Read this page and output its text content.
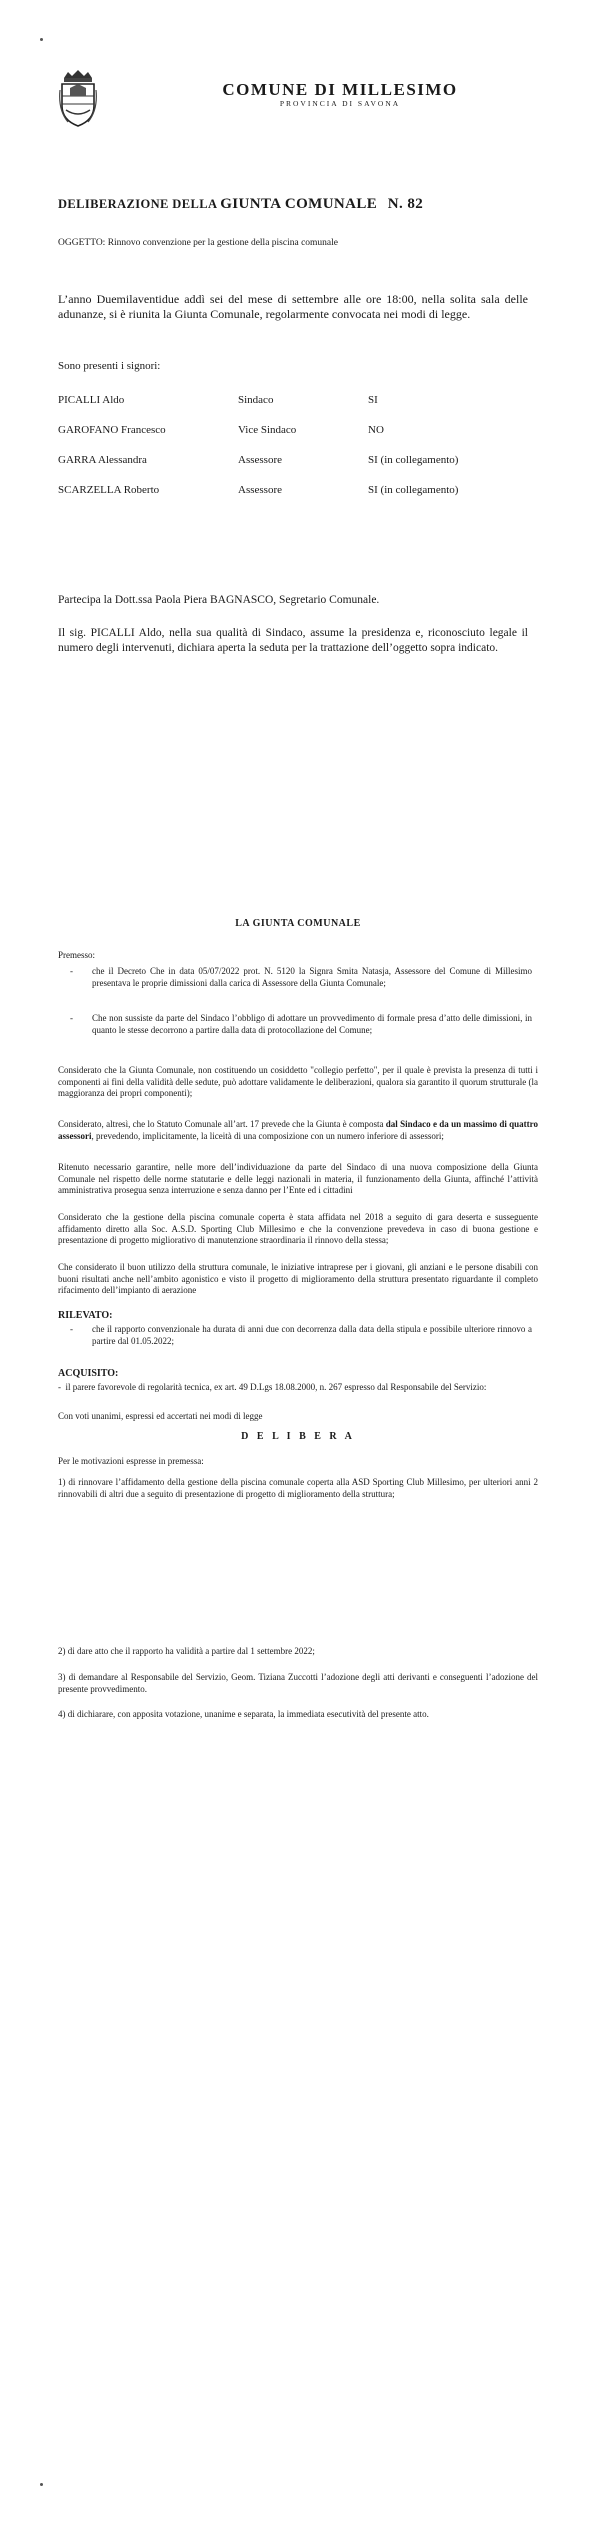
COMUNE DI MILLESIMO
PROVINCIA DI SAVONA
DELIBERAZIONE DELLA GIUNTA COMUNALE N. 82
OGGETTO: Rinnovo convenzione per la gestione della piscina comunale
L’anno Duemilaventidue addì sei del mese di settembre alle ore 18:00, nella solita sala delle adunanze, si è riunita la Giunta Comunale, regolarmente convocata nei modi di legge.
Sono presenti i signori:
PICALLI Aldo	Sindaco	SI
GAROFANO Francesco	Vice Sindaco	NO
GARRA Alessandra	Assessore	SI (in collegamento)
SCARZELLA Roberto	Assessore	SI (in collegamento)
Partecipa la Dott.ssa Paola Piera BAGNASCO, Segretario Comunale.
Il sig. PICALLI Aldo, nella sua qualità di Sindaco, assume la presidenza e, riconosciuto legale il numero degli intervenuti, dichiara aperta la seduta per la trattazione dell’oggetto sopra indicato.
LA GIUNTA COMUNALE
Premesso:
- che il Decreto Che in data 05/07/2022 prot. N. 5120 la Signra Smita Natasja, Assessore del Comune di Millesimo presentava le proprie dimissioni dalla carica di Assessore della Giunta Comunale;
- Che non sussiste da parte del Sindaco l’obbligo di adottare un provvedimento di formale presa d’atto delle dimissioni, in quanto le stesse decorrono a partire dalla data di protocollazione del Comune;
Considerato che la Giunta Comunale, non costituendo un cosiddetto "collegio perfetto", per il quale è prevista la presenza di tutti i componenti ai fini della validità delle sedute, può adottare validamente le deliberazioni, qualora sia garantito il quorum strutturale (la maggioranza dei propri componenti);
Considerato, altresì, che lo Statuto Comunale all’art. 17 prevede che la Giunta è composta dal Sindaco e da un massimo di quattro assessori, prevedendo, implicitamente, la liceità di una composizione con un numero inferiore di assessori;
Ritenuto necessario garantire, nelle more dell’individuazione da parte del Sindaco di una nuova composizione della Giunta Comunale nel rispetto delle norme statutarie e delle leggi nazionali in materia, il funzionamento della Giunta, affinché l’attività amministrativa prosegua senza interruzione e senza danno per l’Ente ed i cittadini
Considerato che la gestione della piscina comunale coperta è stata affidata nel 2018 a seguito di gara deserta e susseguente affidamento diretto alla Soc. A.S.D. Sporting Club Millesimo e che la convenzione prevedeva in caso di buona gestione e presentazione di progetto migliorativo di manutenzione straordinaria il rinnovo della stessa;
Che considerato il buon utilizzo della struttura comunale, le iniziative intraprese per i giovani, gli anziani e le persone disabili con buoni risultati anche nell’ambito agonistico e visto il progetto di miglioramento della struttura presentato riguardante il completo rifacimento dell’impianto di aerazione
RILEVATO:
- che il rapporto convenzionale ha durata di anni due con decorrenza dalla data della stipula e possibile ulteriore rinnovo a partire dal 01.05.2022;
ACQUISITO:
-  il parere favorevole di regolarità tecnica, ex art. 49 D.Lgs 18.08.2000, n. 267 espresso dal Responsabile del Servizio:
Con voti unanimi, espressi ed accertati nei modi di legge
D E L I B E R A
Per le motivazioni espresse in premessa:
1) di rinnovare l’affidamento della gestione della piscina comunale coperta alla ASD Sporting Club Millesimo, per ulteriori anni 2 rinnovabili di altri due a seguito di presentazione di progetto di miglioramento della struttura;
2) di dare atto che il rapporto ha validità a partire dal 1 settembre 2022;
3) di demandare al Responsabile del Servizio, Geom. Tiziana Zuccotti l’adozione degli atti derivanti e conseguenti l’adozione del presente provvedimento.
4) di dichiarare, con apposita votazione, unanime e separata, la immediata esecutività del presente atto.
